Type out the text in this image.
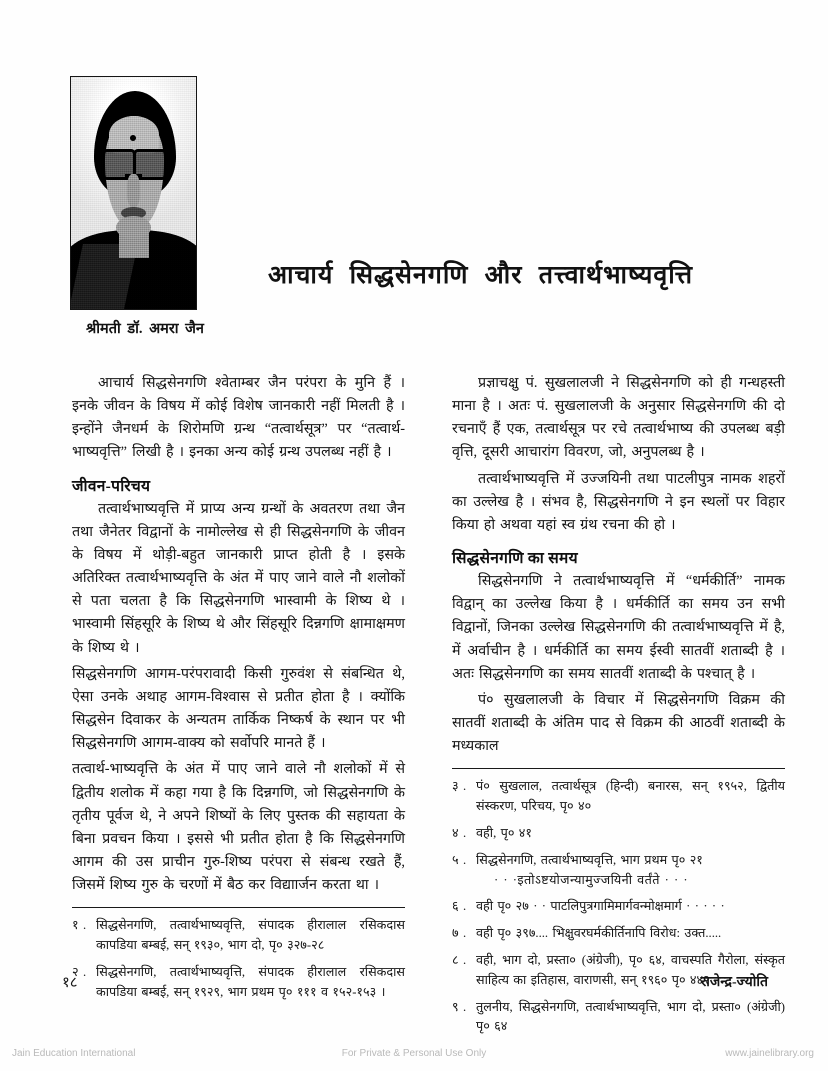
आचार्य सिद्धसेनगणि और तत्त्वार्थभाष्यवृत्ति
श्रीमती डॉ. अमरा जैन

आचार्य सिद्धसेनगणि श्वेताम्बर जैन परंपरा के मुनि हैं । इनके जीवन के विषय में कोई विशेष जानकारी नहीं मिलती है । इन्होंने जैनधर्म के शिरोमणि ग्रन्थ “तत्वार्थसूत्र” पर “तत्वार्थ-भाष्यवृत्ति” लिखी है । इनका अन्य कोई ग्रन्थ उपलब्ध नहीं है ।

जीवन-परिचय

तत्वार्थभाष्यवृत्ति में प्राप्य अन्य ग्रन्थों के अवतरण तथा जैन तथा जैनेतर विद्वानों के नामोल्लेख से ही सिद्धसेनगणि के जीवन के विषय में थोड़ी-बहुत जानकारी प्राप्त होती है । इसके अतिरिक्त तत्वार्थभाष्यवृत्ति के अंत में पाए जाने वाले नौ शलोकों से पता चलता है कि सिद्धसेनगणि भास्वामी के शिष्य थे । भास्वामी सिंहसूरि के शिष्य थे और सिंहसूरि दिन्नगणि क्षामाक्षमण के शिष्य थे ।

सिद्धसेनगणि आगम-परंपरावादी किसी गुरुवंश से संबन्धित थे, ऐसा उनके अथाह आगम-विश्वास से प्रतीत होता है । क्योंकि सिद्धसेन दिवाकर के अन्यतम तार्किक निष्कर्ष के स्थान पर भी सिद्धसेनगणि आगम-वाक्य को सर्वोपरि मानते हैं ।

तत्वार्थ-भाष्यवृत्ति के अंत में पाए जाने वाले नौ शलोकों में से द्वितीय शलोक में कहा गया है कि दिन्नगणि, जो सिद्धसेनगणि के तृतीय पूर्वज थे, ने अपने शिष्यों के लिए पुस्तक की सहायता के बिना प्रवचन किया । इससे भी प्रतीत होता है कि सिद्धसेनगणि आगम की उस प्राचीन गुरु-शिष्य परंपरा से संबन्ध रखते हैं, जिसमें शिष्य गुरु के चरणों में बैठ कर विद्याार्जन करता था ।

१ . सिद्धसेनगणि, तत्वार्थभाष्यवृत्ति, संपादक हीरालाल रसिकदास कापडिया बम्बई, सन् १९३०, भाग दो, पृ० ३२७-२८
२ . सिद्धसेनगणि, तत्वार्थभाष्यवृत्ति, संपादक हीरालाल रसिकदास कापडिया बम्बई, सन् १९२९, भाग प्रथम पृ० १११ व १५२-१५३ ।

प्रज्ञाचक्षु पं. सुखलालजी ने सिद्धसेनगणि को ही गन्धहस्ती माना है । अतः पं. सुखलालजी के अनुसार सिद्धसेनगणि की दो रचनाएँ हैं एक, तत्वार्थसूत्र पर रचे तत्वार्थभाष्य की उपलब्ध बड़ी वृत्ति, दूसरी आचारांग विवरण, जो, अनुपलब्ध है ।

तत्वार्थभाष्यवृत्ति में उज्जयिनी तथा पाटलीपुत्र नामक शहरों का उल्लेख है । संभव है, सिद्धसेनगणि ने इन स्थलों पर विहार किया हो अथवा यहां स्व ग्रंथ रचना की हो ।

सिद्धसेनगणि का समय

सिद्धसेनगणि ने तत्वार्थभाष्यवृत्ति में “धर्मकीर्ति” नामक विद्वान् का उल्लेख किया है । धर्मकीर्ति का समय उन सभी विद्वानों, जिनका उल्लेख सिद्धसेनगणि की तत्वार्थभाष्यवृत्ति में है, में अर्वाचीन है । धर्मकीर्ति का समय ईस्वी सातवीं शताब्दी है । अतः सिद्धसेनगणि का समय सातवीं शताब्दी के पश्चात् है ।

पं० सुखलालजी के विचार में सिद्धसेनगणि विक्रम की सातवीं शताब्दी के अंतिम पाद से विक्रम की आठवीं शताब्दी के मध्यकाल

३ . पं० सुखलाल, तत्वार्थसूत्र (हिन्दी) बनारस, सन् १९५२, द्वितीय संस्करण, परिचय, पृ० ४०
४ . वही, पृ० ४१
५ . सिद्धसेनगणि, तत्वार्थभाष्यवृत्ति, भाग प्रथम पृ० २१
· · ·इतोऽष्टयोजन्यामुज्जयिनी वर्तंते · · ·
६ . वही पृ० २७ · · पाटलिपुत्रगामिमार्गवन्मोक्षमार्ग · · · · ·
७ . वही पृ० ३९७.... भिक्षुवरघर्मकीर्तिनापि विरोध: उक्त.....
८ . वही, भाग दो, प्रस्ता० (अंग्रेजी), पृ० ६४, वाचस्पति गैरोला, संस्कृत साहित्य का इतिहास, वाराणसी, सन् १९६० पृ० ४४२
९ . तुलनीय, सिद्धसेनगणि, तत्वार्थभाष्यवृत्ति, भाग दो, प्रस्ता० (अंग्रेजी) पृ० ६४
१८	राजेन्द्र-ज्योति
Jain Education International	For Private & Personal Use Only	www.jainelibrary.org
